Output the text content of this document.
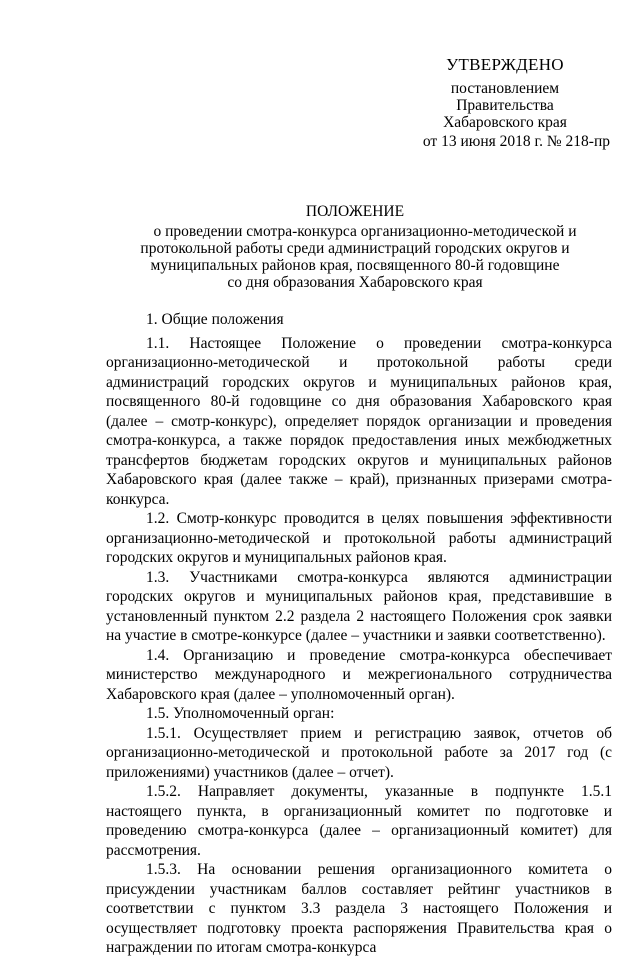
УТВЕРЖДЕНО
постановлением
Правительства
Хабаровского края
от 13 июня 2018 г. № 218-пр
ПОЛОЖЕНИЕ
о проведении смотра-конкурса организационно-методической и
протокольной работы среди администраций городских округов и
муниципальных районов края, посвященного 80-й годовщине
со дня образования Хабаровского края
1. Общие положения

1.1. Настоящее Положение о проведении смотра-конкурса организационно-методической и протокольной работы среди администраций городских округов и муниципальных районов края, посвященного 80-й годовщине со дня образования Хабаровского края (далее – смотр-конкурс), определяет порядок организации и проведения смотра-конкурса, а также порядок предоставления иных межбюджетных трансфертов бюджетам городских округов и муниципальных районов Хабаровского края (далее также – край), признанных призерами смотра-конкурса.

1.2. Смотр-конкурс проводится в целях повышения эффективности организационно-методической и протокольной работы администраций городских округов и муниципальных районов края.

1.3. Участниками смотра-конкурса являются администрации городских округов и муниципальных районов края, представившие в установленный пунктом 2.2 раздела 2 настоящего Положения срок заявки на участие в смотре-конкурсе (далее – участники и заявки соответственно).

1.4. Организацию и проведение смотра-конкурса обеспечивает министерство международного и межрегионального сотрудничества Хабаровского края (далее – уполномоченный орган).

1.5. Уполномоченный орган:

1.5.1. Осуществляет прием и регистрацию заявок, отчетов об организационно-методической и протокольной работе за 2017 год (с приложениями) участников (далее – отчет).

1.5.2. Направляет документы, указанные в подпункте 1.5.1 настоящего пункта, в организационный комитет по подготовке и проведению смотра-конкурса (далее – организационный комитет) для рассмотрения.

1.5.3. На основании решения организационного комитета о присуждении участникам баллов составляет рейтинг участников в соответствии с пунктом 3.3 раздела 3 настоящего Положения и осуществляет подготовку проекта распоряжения Правительства края о награждении по итогам смотра-конкурса
